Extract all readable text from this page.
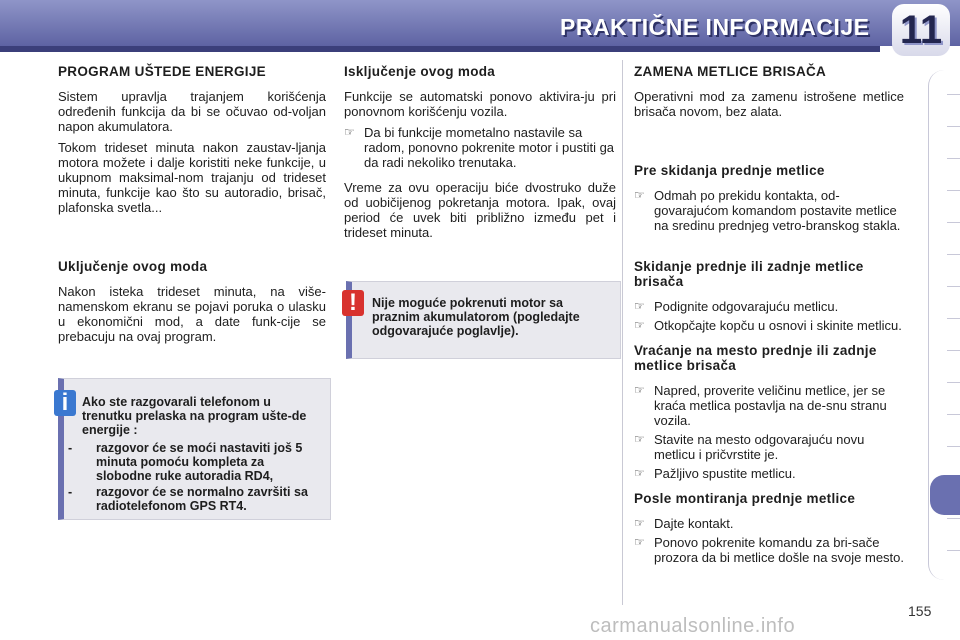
PRAKTIČNE INFORMACIJE 11
PROGRAM UŠTEDE ENERGIJE

Sistem upravlja trajanjem korišćenja određenih funkcija da bi se očuvao od-voljan napon akumulatora.

Tokom trideset minuta nakon zaustav-ljanja motora možete i dalje koristiti neke funkcije, u ukupnom maksimal-nom trajanju od trideset minuta, funkcije kao što su autoradio, brisač, plafonska svetla...

Uključenje ovog moda

Nakon isteka trideset minuta, na više-namenskom ekranu se pojavi poruka o ulasku u ekonomični mod, a date funk-cije se prebacuju na ovaj program.

Ako ste razgovarali telefonom u trenutku prelaska na program ušte-de energije :
- razgovor će se moći nastaviti još 5 minuta pomoću kompleta za slobodne ruke autoradia RD4,
- razgovor će se normalno završiti sa radiotelefonom GPS RT4.
i
Isključenje ovog moda

Funkcije se automatski ponovo aktivira-ju pri ponovnom korišćenju vozila.

☞ Da bi funkcije mometalno nastavile sa radom, ponovno pokrenite motor i pustiti ga da radi nekoliko trenutaka.

Vreme za ovu operaciju biće dvostruko duže od uobičijenog pokretanja motora. Ipak, ovaj period će uvek biti približno između pet i trideset minuta.

Nije moguće pokrenuti motor sa praznim akumulatorom (pogledajte odgovarajuće poglavlje).
!
ZAMENA METLICE BRISAČA

Operativni mod za zamenu istrošene metlice brisača novom, bez alata.

Pre skidanja prednje metlice
☞ Odmah po prekidu kontakta, od-govarajućom komandom postavite metlice na sredinu prednjeg vetro-branskog stakla.
Skidanje prednje ili zadnje metlice brisača
☞ Podignite odgovarajuću metlicu.
☞ Otkopčajte kopču u osnovi i skinite metlicu.
Vraćanje na mesto prednje ili zadnje metlice brisača
☞ Napred, proverite veličinu metlice, jer se kraća metlica postavlja na de-snu stranu vozila.
☞ Stavite na mesto odgovarajuću novu metlicu i pričvrstite je.
☞ Pažljivo spustite metlicu.
Posle montiranja prednje metlice
☞ Dajte kontakt.
☞ Ponovo pokrenite komandu za bri-sače prozora da bi metlice došle na svoje mesto.
155
carmanualsonline.info
